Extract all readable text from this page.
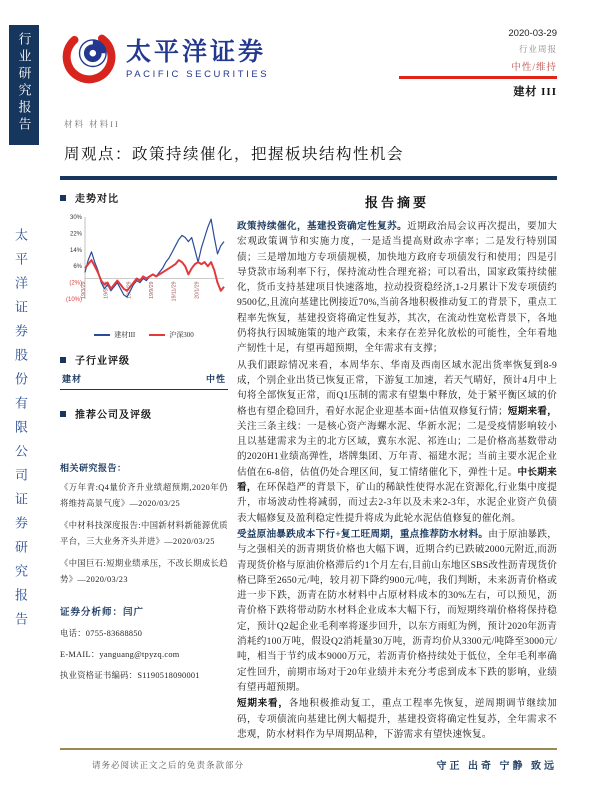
行业研究报告
太平洋证券股份有限公司证券研究报告
太平洋证券
PACIFIC SECURITIES
2020-03-29
行业周报
中性/维持
建材 III
材料 材料II
周观点：政策持续催化，把握板块结构性机会
走势对比
30%
22%
14%
6%
(2%)
(10%)
19/3/29	19/5/29	19/7/29	19/9/29	19/11/29	20/1/29
建材III	沪深300
子行业评级
建材	中性
推荐公司及评级
相关研究报告：
《万年青:Q4量价齐升业绩超预期,2020年仍将维持高景气度》—2020/03/25
《中材科技深度报告:中国新材料新能源优质平台，三大业务齐头并进》—2020/03/25
《中国巨石:短期业绩承压，不改长期成长趋势》—2020/03/23
证券分析师：闫广
电话：0755-83688850
E-MAIL：yanguang@tpyzq.com
执业资格证书编码：S1190518090001
报告摘要

政策持续催化，基建投资确定性复苏。近期政治局会议再次提出，要加大宏观政策调节和实施力度，一是适当提高财政赤字率；二是发行特别国债；三是增加地方专项债规模，加快地方政府专项债发行和使用；四是引导贷款市场利率下行，保持流动性合理充裕；可以看出，国家政策持续催化，货币支持基建项目快速落地，拉动投资稳经济,1-2月累计下发专项债约9500亿,且流向基建比例接近70%,当前各地积极推动复工的背景下，重点工程率先恢复，基建投资将确定性复苏，其次，在流动性宽松背景下，各地仍将执行因城施策的地产政策，未来存在差异化放松的可能性，全年看地产韧性十足，有望再超预期，全年需求有支撑；

从我们跟踪情况来看，本周华东、华南及西南区域水泥出货率恢复到8-9成，个别企业出货已恢复正常，下游复工加速，若天气晴好，预计4月中上旬将全部恢复正常，而Q1压制的需求有望集中释放，处于紧平衡区域的价格也有望企稳回升，看好水泥企业迎基本面+估值双修复行情；短期来看，关注三条主线：一是核心资产海螺水泥、华新水泥；二是受疫情影响较小且以基建需求为主的北方区域，冀东水泥、祁连山；二是价格高基数带动的2020H1业绩高弹性，塔牌集团、万年青、福建水泥；当前主要水泥企业估值在6-8倍，估值仍处合理区间，复工情绪催化下，弹性十足。中长期来看，在环保趋严的背景下，矿山的稀缺性使得水泥在资源化,行业集中度提升，市场波动性将减弱，而过去2-3年以及未来2-3年，水泥企业资产负债表大幅修复及盈利稳定性提升将成为此轮水泥估值修复的催化剂。

受益原油暴跌成本下行+复工旺周期，重点推荐防水材料。由于原油暴跌，与之强相关的沥青期货价格也大幅下调，近期合约已跌破2000元附近,而沥青现货价格与原油价格滞后约1个月左右,目前山东地区SBS改性沥青现货价格已降至2650元/吨，较月初下降约900元/吨，我们判断，未来沥青价格或进一步下跌，沥青在防水材料中占原材料成本的30%左右，可以预见，沥青价格下跌将带动防水材料企业成本大幅下行，而短期终端价格将保持稳定，预计Q2起企业毛利率将逐步回升，以东方雨虹为例，预计2020年沥青消耗约100万吨，假设Q2消耗量30万吨，沥青均价从3300元/吨降至3000元/吨，相当于节约成本9000万元，若沥青价格持续处于低位，全年毛利率确定性回升，前期市场对于20年业绩并未充分考虑到成本下跌的影响，业绩有望再超预期。

短期来看，各地积极推动复工，重点工程率先恢复，逆周期调节继续加码，专项债流向基建比例大幅提升，基建投资将确定性复苏，全年需求不悲观，防水材料作为早周期品种，下游需求有望快速恢复。

请务必阅读正文之后的免责条款部分	守正 出奇 宁静 致远
